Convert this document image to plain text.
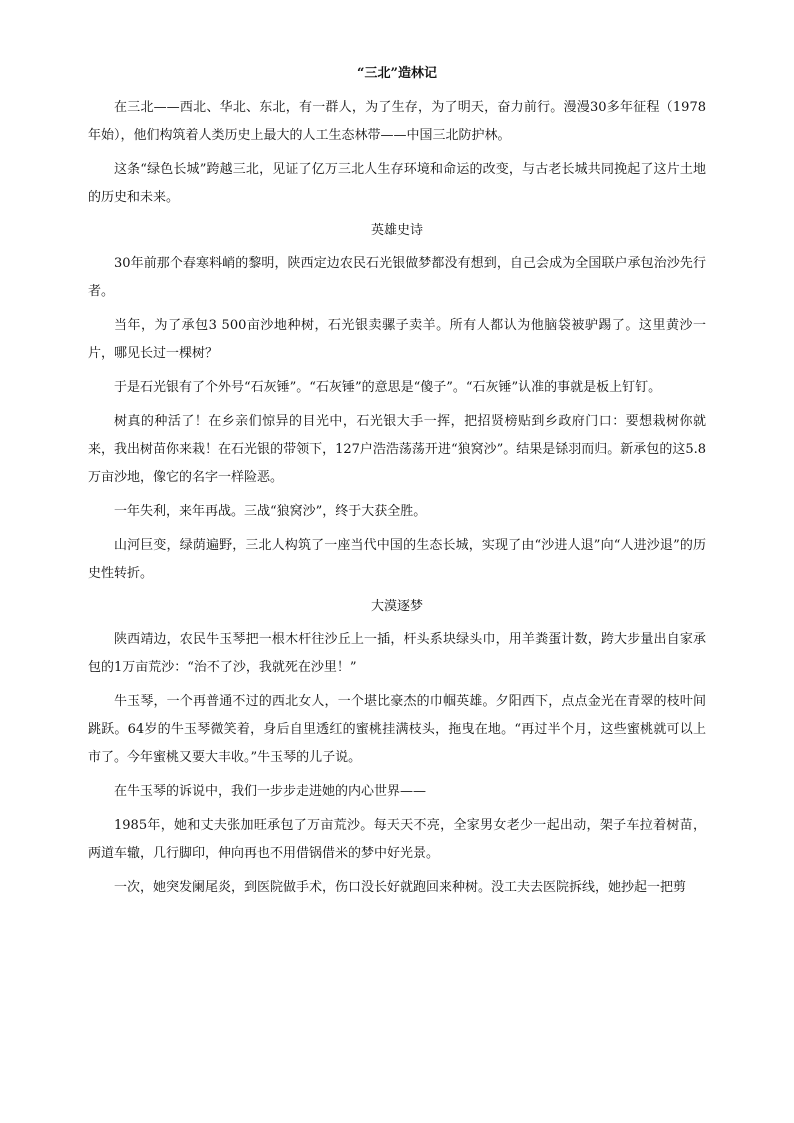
“三北”造林记

在三北——西北、华北、东北，有一群人，为了生存，为了明天，奋力前行。漫漫30多年征程（1978年始），他们构筑着人类历史上最大的人工生态林带——中国三北防护林。

这条“绿色长城”跨越三北，见证了亿万三北人生存环境和命运的改变，与古老长城共同挽起了这片土地的历史和未来。

英雄史诗

30年前那个春寒料峭的黎明，陕西定边农民石光银做梦都没有想到，自己会成为全国联户承包治沙先行者。

当年，为了承包3 500亩沙地种树，石光银卖骡子卖羊。所有人都认为他脑袋被驴踢了。这里黄沙一片，哪见长过一棵树？

于是石光银有了个外号“石灰锤”。“石灰锤”的意思是“傻子”。“石灰锤”认准的事就是板上钉钉。

树真的种活了！在乡亲们惊异的目光中，石光银大手一挥，把招贤榜贴到乡政府门口：要想栽树你就来，我出树苗你来栽！在石光银的带领下，127户浩浩荡荡开进“狼窝沙”。结果是铩羽而归。新承包的这5.8万亩沙地，像它的名字一样险恶。

一年失利，来年再战。三战“狼窝沙”，终于大获全胜。

山河巨变，绿荫遍野，三北人构筑了一座当代中国的生态长城，实现了由“沙进人退”向“人进沙退”的历史性转折。

大漠逐梦

陕西靖边，农民牛玉琴把一根木杆往沙丘上一插，杆头系块绿头巾，用羊粪蛋计数，跨大步量出自家承包的1万亩荒沙：“治不了沙，我就死在沙里！”

牛玉琴，一个再普通不过的西北女人，一个堪比豪杰的巾帼英雄。夕阳西下，点点金光在青翠的枝叶间跳跃。64岁的牛玉琴微笑着，身后自里透红的蜜桃挂满枝头，拖曳在地。“再过半个月，这些蜜桃就可以上市了。今年蜜桃又要大丰收。”牛玉琴的儿子说。

在牛玉琴的诉说中，我们一步步走进她的内心世界——

1985年，她和丈夫张加旺承包了万亩荒沙。每天天不亮，全家男女老少一起出动，架子车拉着树苗，两道车辙，几行脚印，伸向再也不用借锅借米的梦中好光景。

一次，她突发阑尾炎，到医院做手术，伤口没长好就跑回来种树。没工夫去医院拆线，她抄起一把剪
